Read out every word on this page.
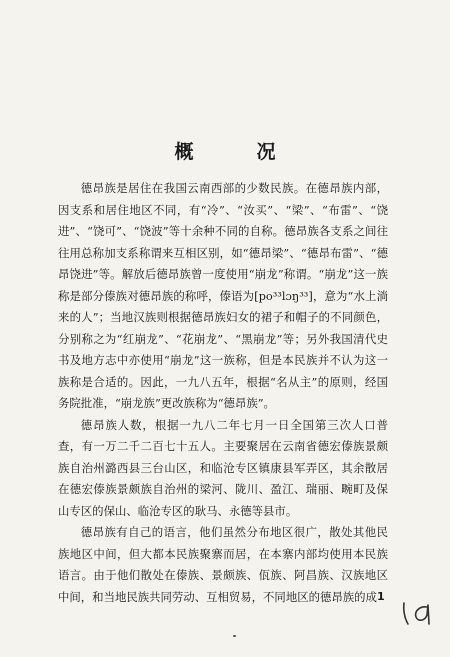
概　况

德昂族是居住在我国云南西部的少数民族。在德昂族内部，因支系和居住地区不同，有“冷”、“汝买”、“梁”、“布雷”、“饶进”、“饶可”、“饶波”等十余种不同的自称。德昂族各支系之间往往用总称加支系称谓来互相区别，如“德昂梁”、“德昂布雷”、“德昂饶进”等。解放后德昂族曾一度使用“崩龙”称谓。“崩龙”这一族称是部分傣族对德昂族的称呼，傣语为[po³³lɔŋ³³]，意为“水上淌来的人”；当地汉族则根据德昂族妇女的裙子和帽子的不同颜色，分别称之为“红崩龙”、“花崩龙”、“黑崩龙”等；另外我国清代史书及地方志中亦使用“崩龙”这一族称，但是本民族并不认为这一族称是合适的。因此，一九八五年，根据“名从主”的原则，经国务院批准，“崩龙族”更改族称为“德昂族”。

德昂族人数，根据一九八二年七月一日全国第三次人口普查，有一万二千二百七十五人。主要聚居在云南省德宏傣族景颇族自治州潞西县三台山区，和临沧专区镇康县军弄区，其余散居在德宏傣族景颇族自治州的梁河、陇川、盈江、瑞丽、畹町及保山专区的保山、临沧专区的耿马、永德等县市。

德昂族有自己的语言，他们虽然分布地区很广，散处其他民族地区中间，但大都本民族聚寨而居，在本寨内部均使用本民族语言。由于他们散处在傣族、景颇族、佤族、阿昌族、汉族地区中间，和当地民族共同劳动、互相贸易，不同地区的德昂族的成 1
